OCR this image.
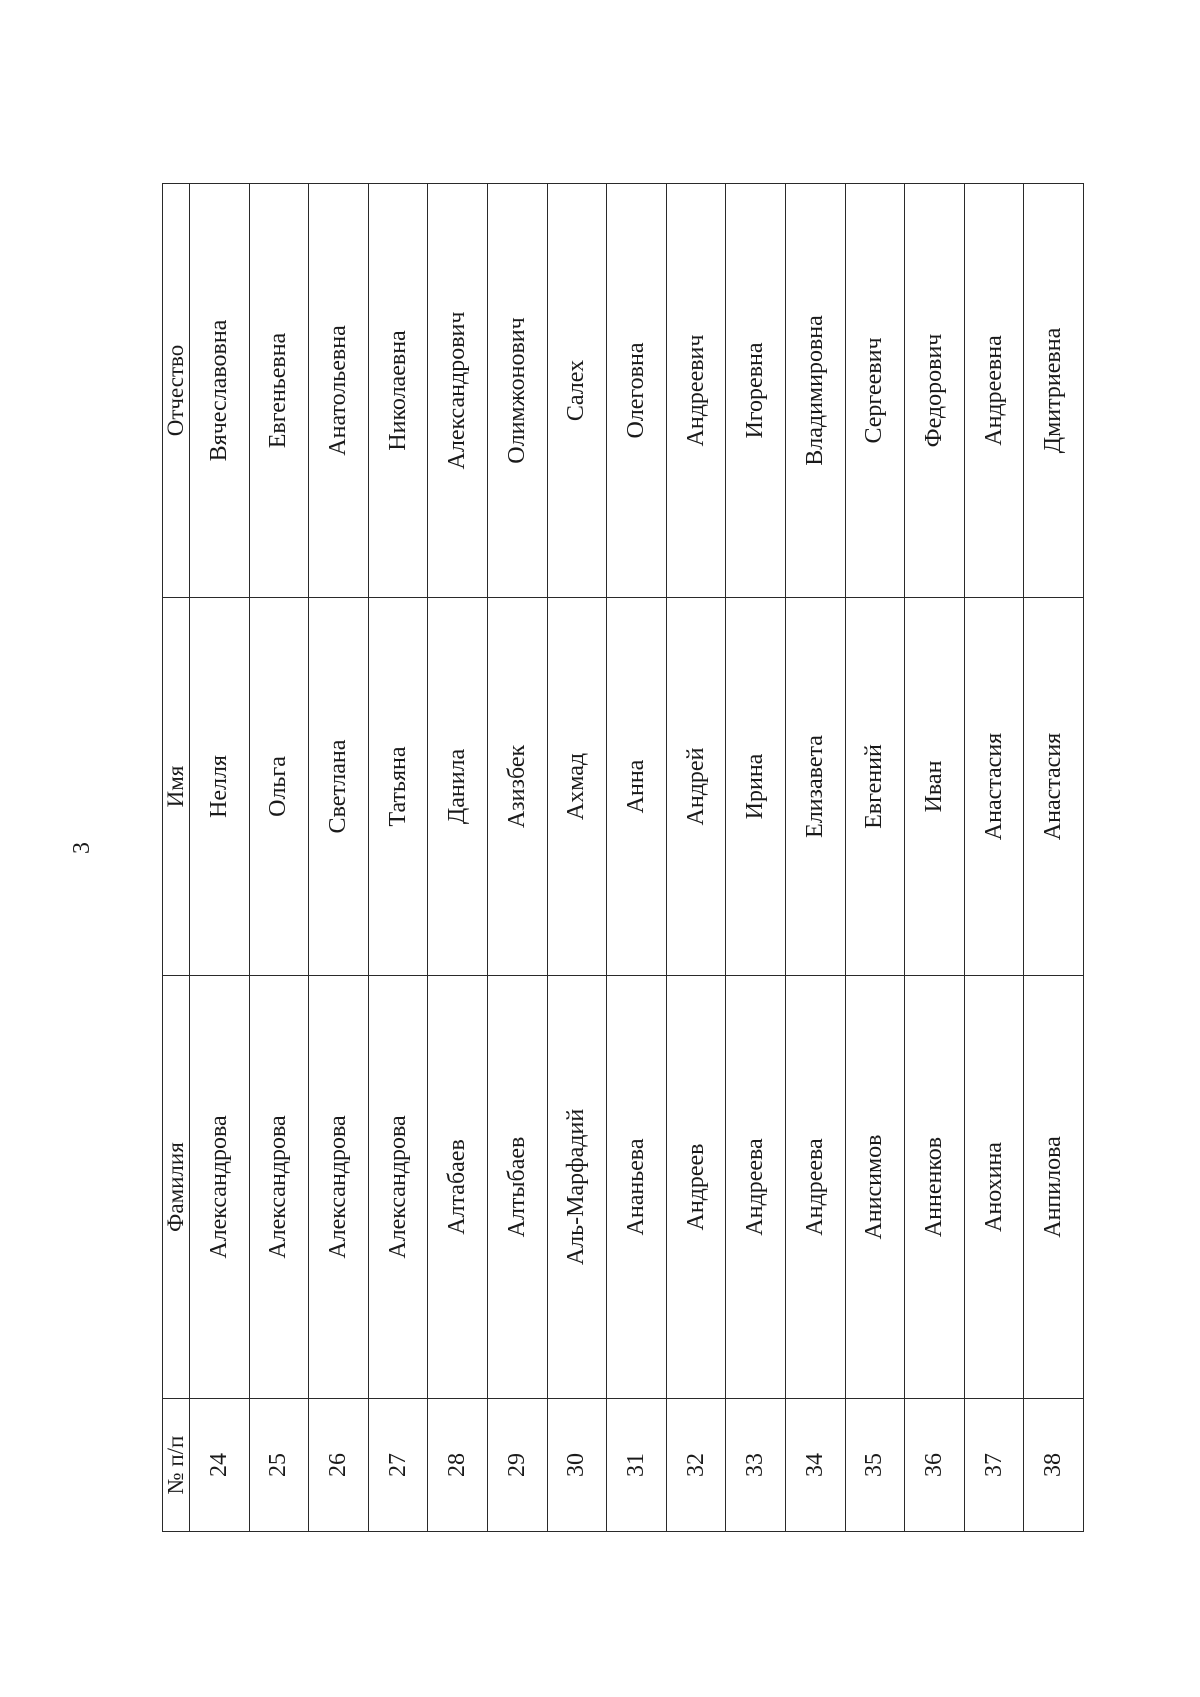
3
№ п/п	Фамилия	Имя	Отчество
24	Александрова	Нелля	Вячеславовна
25	Александрова	Ольга	Евгеньевна
26	Александрова	Светлана	Анатольевна
27	Александрова	Татьяна	Николаевна
28	Алтабаев	Данила	Александрович
29	Алтыбаев	Азизбек	Олимжонович
30	Аль-Марфадий	Ахмад	Салех
31	Ананьева	Анна	Олеговна
32	Андреев	Андрей	Андреевич
33	Андреева	Ирина	Игоревна
34	Андреева	Елизавета	Владимировна
35	Анисимов	Евгений	Сергеевич
36	Анненков	Иван	Федорович
37	Анохина	Анастасия	Андреевна
38	Анпилова	Анастасия	Дмитриевна
